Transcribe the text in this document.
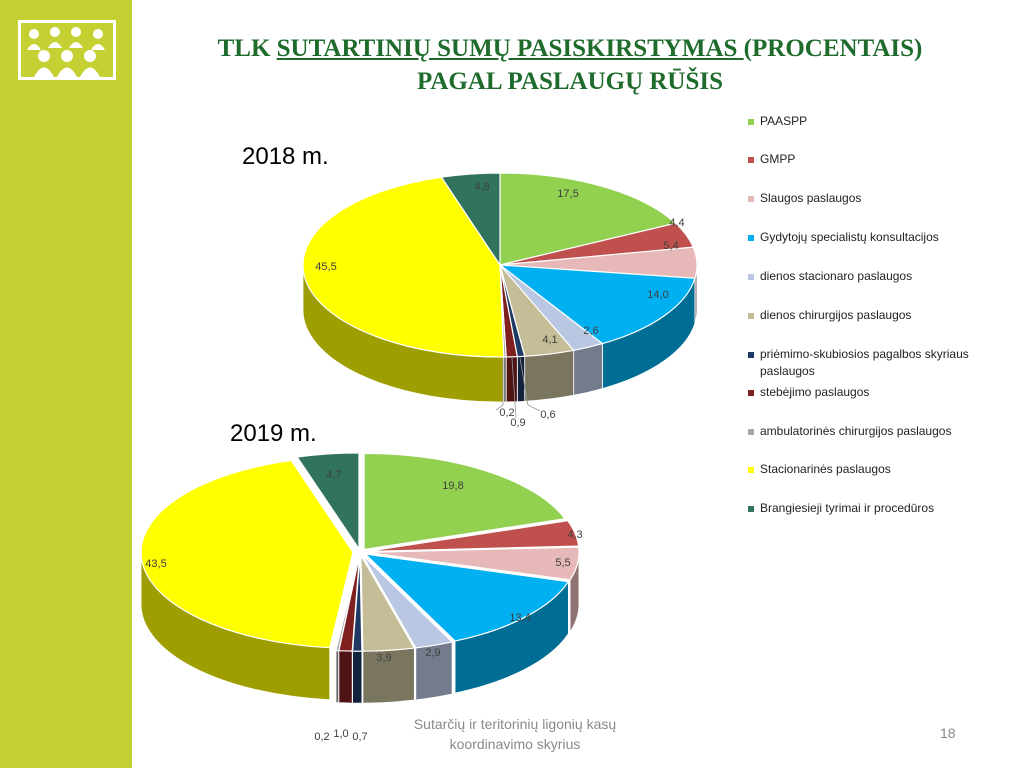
TLK SUTARTINIŲ SUMŲ PASISKIRSTYMAS (PROCENTAIS)
PAGAL PASLAUGŲ RŪŠIS
2018 m.
2019 m.
17,5
4,4
5,4
14,0
2,6
4,1
0,6
0,9
0,2
45,5
4,8
19,8
4,3
5,5
13,4
2,9
3,9
0,7
1,0
0,2
43,5
4,7
PAASPP
GMPP
Slaugos paslaugos
Gydytojų specialistų konsultacijos
dienos stacionaro paslaugos
dienos chirurgijos paslaugos
priėmimo-skubiosios pagalbos skyriaus paslaugos
stebėjimo paslaugos
ambulatorinės chirurgijos paslaugos
Stacionarinės paslaugos
Brangiesieji tyrimai ir procedūros
Sutarčių ir teritorinių ligonių kasų
koordinavimo skyrius
18
